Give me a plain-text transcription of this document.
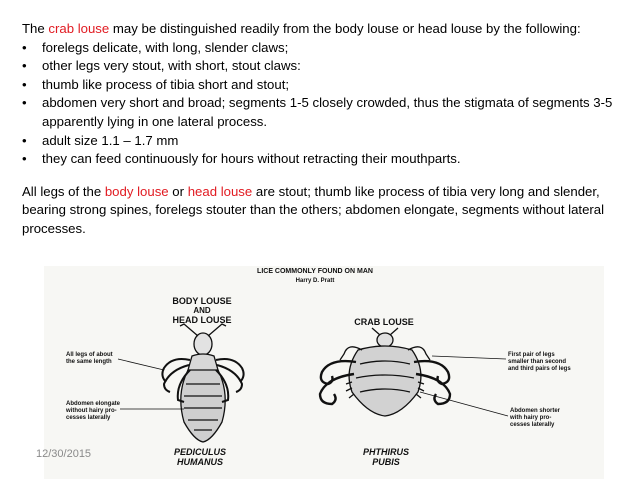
The crab louse may be distinguished readily from the body louse or head louse by the following:

• forelegs delicate, with long, slender claws;
• other legs very stout, with short, stout claws:
• thumb like process of tibia short and stout;
• abdomen very short and broad; segments 1-5 closely crowded, thus the stigmata of segments 3-5 apparently lying in one lateral process.
• adult size 1.1 – 1.7 mm
• they can feed continuously for hours without retracting their mouthparts.

All legs of the body louse or head louse are stout; thumb like process of tibia very long and slender, bearing strong spines, forelegs stouter than the others; abdomen elongate, segments without lateral processes.

LICE COMMONLY FOUND ON MAN
Harry D. Pratt
BODY LOUSE
AND
HEAD LOUSE	CRAB LOUSE
All legs of about
the same length
Abdomen elongate
without hairy pro-
cesses laterally
First pair of legs
smaller than second
and third pairs of legs
Abdomen shorter
with hairy pro-
cesses laterally
PEDICULUS
HUMANUS
PHTHIRUS
PUBIS
12/30/2015
